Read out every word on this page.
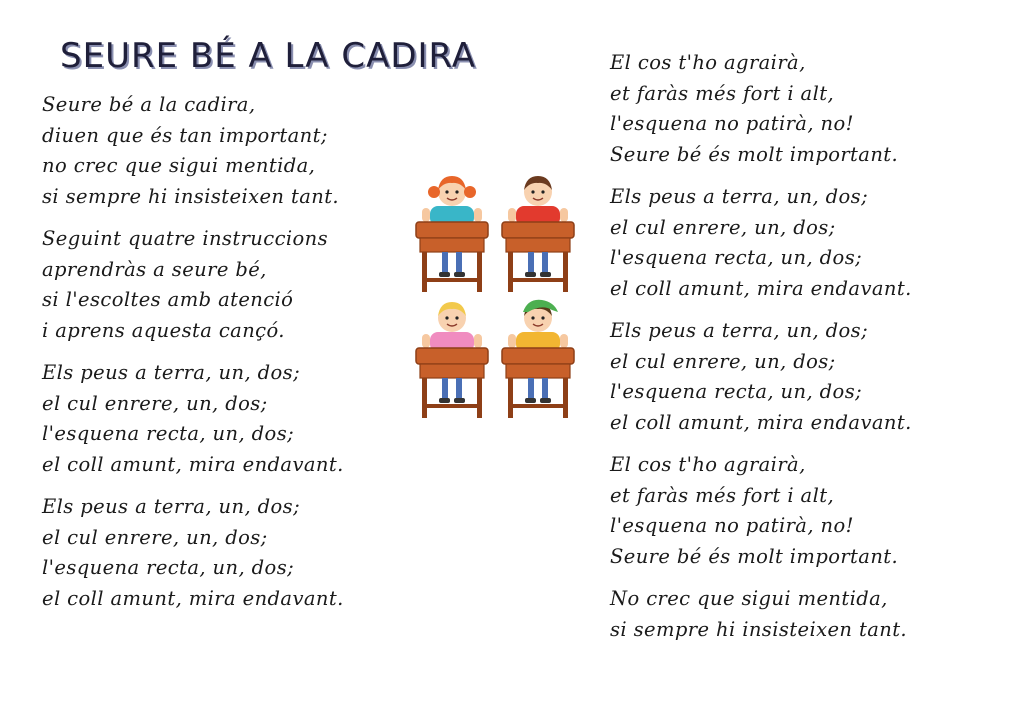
SEURE BÉ A LA CADIRA
Seure bé a la cadira,
diuen que és tan important;
no crec que sigui mentida,
si sempre hi insisteixen tant.
Seguint quatre instruccions
aprendràs a seure bé,
si l'escoltes amb atenció
i aprens aquesta cançó.
Els peus a terra, un, dos;
el cul enrere, un, dos;
l'esquena recta, un, dos;
el coll amunt, mira endavant.
Els peus a terra, un, dos;
el cul enrere, un, dos;
l'esquena recta, un, dos;
el coll amunt, mira endavant.
El cos t'ho agrairà,
et faràs més fort i alt,
l'esquena no patirà, no!
Seure bé és molt important.
Els peus a terra, un, dos;
el cul enrere, un, dos;
l'esquena recta, un, dos;
el coll amunt, mira endavant.
Els peus a terra, un, dos;
el cul enrere, un, dos;
l'esquena recta, un, dos;
el coll amunt, mira endavant.
El cos t'ho agrairà,
et faràs més fort i alt,
l'esquena no patirà, no!
Seure bé és molt important.
No crec que sigui mentida,
si sempre hi insisteixen tant.
